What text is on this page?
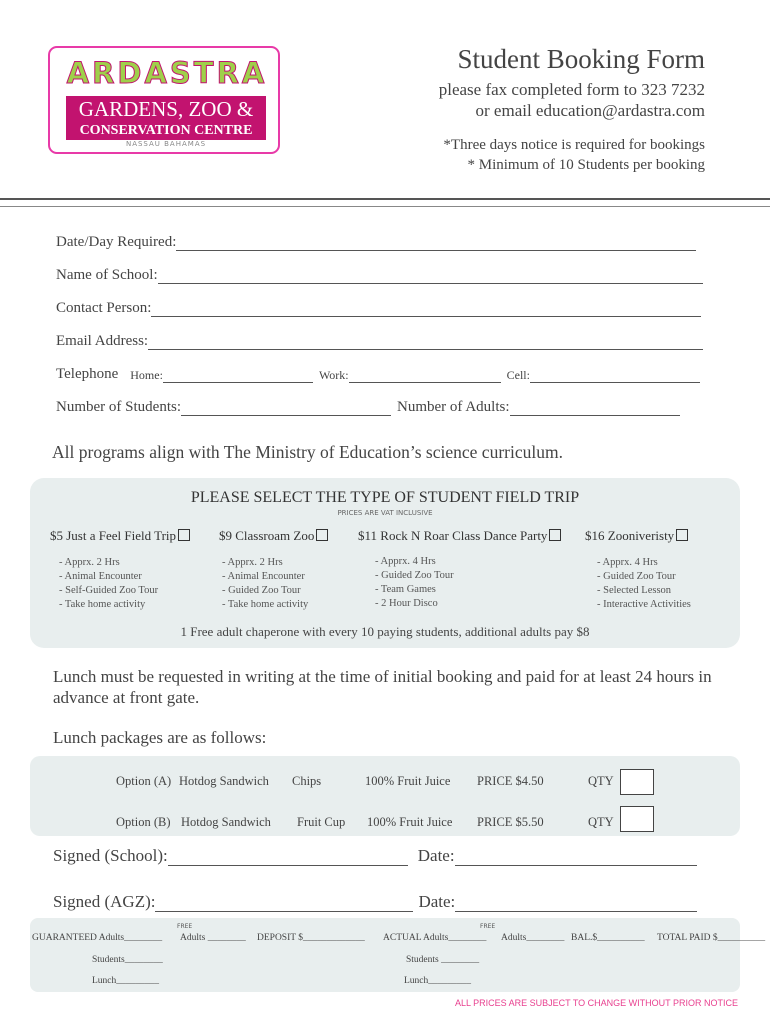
ARDASTRA
GARDENS, ZOO &
CONSERVATION CENTRE
NASSAU BAHAMAS
Student Booking Form
please fax completed form to 323 7232
or email education@ardastra.com
*Three days notice is required for bookings
* Minimum of 10 Students per booking
Date/Day Required:
Name of School:
Contact Person:
Email Address:
Telephone Home:	Work:	Cell:
Number of Students:	Number of Adults:
All programs align with The Ministry of Education’s science curriculum.
PLEASE SELECT THE TYPE OF STUDENT FIELD TRIP
PRICES ARE VAT INCLUSIVE
$5 Just a Feel Field Trip	$9 Classroam Zoo	$11 Rock N Roar Class Dance Party	$16 Zooniveristy
- Apprx. 2 Hrs
- Animal Encounter
- Self-Guided Zoo Tour
- Take home activity
- Apprx. 2 Hrs
- Animal Encounter
- Guided Zoo Tour
- Take home activity
- Apprx. 4 Hrs
- Guided Zoo Tour
- Team Games
- 2 Hour Disco
- Apprx. 4 Hrs
- Guided Zoo Tour
- Selected Lesson
- Interactive Activities
1 Free adult chaperone with every 10 paying students, additional adults pay $8
Lunch must be requested in writing at the time of initial booking and paid for at least 24 hours in advance at front gate.
Lunch packages are as follows:
Option (A) Hotdog Sandwich Chips	100% Fruit Juice PRICE $4.50	QTY
Option (B) Hotdog Sandwich Fruit Cup 100% Fruit Juice PRICE $5.50	QTY
Signed (School):	Date:
Signed (AGZ):	Date:
FREE	FREE
GUARANTEED Adults________ Adults ________ DEPOSIT $_____________ ACTUAL Adults________ Adults________ BAL.$__________ TOTAL PAID $__________
Students________	Students ________
Lunch_________	Lunch_________
ALL PRICES ARE SUBJECT TO CHANGE WITHOUT PRIOR NOTICE
